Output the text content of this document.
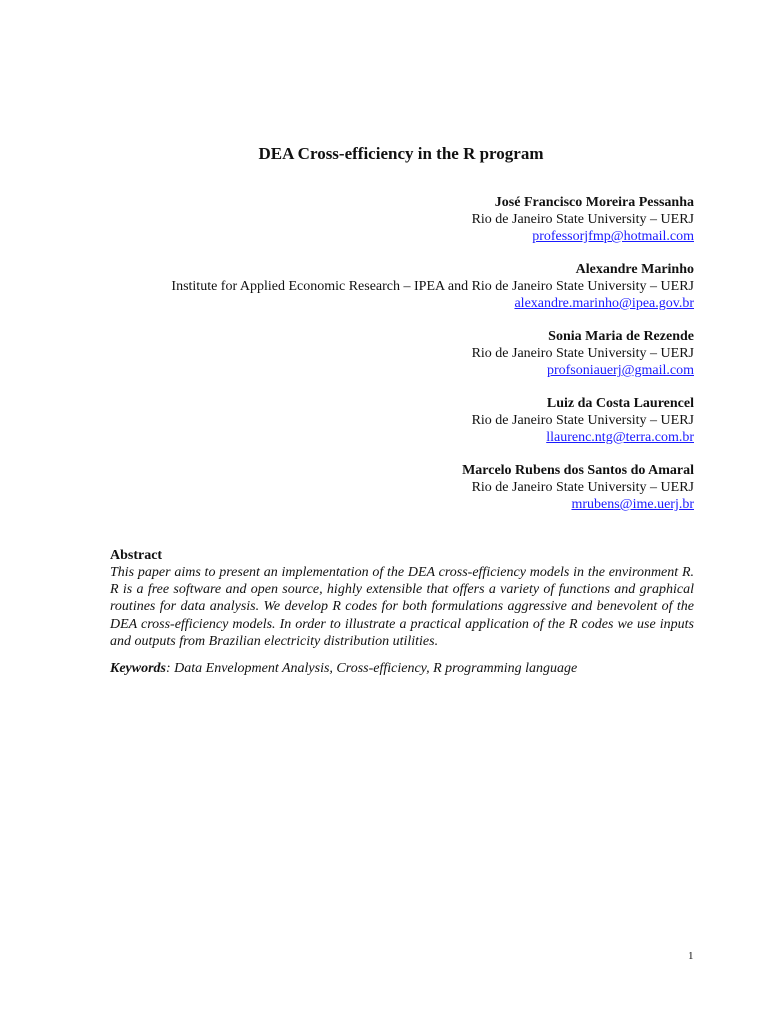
DEA Cross-efficiency in the R program
José Francisco Moreira Pessanha
Rio de Janeiro State University – UERJ
professorjfmp@hotmail.com
Alexandre Marinho
Institute for Applied Economic Research – IPEA and Rio de Janeiro State University – UERJ
alexandre.marinho@ipea.gov.br
Sonia Maria de Rezende
Rio de Janeiro State University – UERJ
profsoniauerj@gmail.com
Luiz da Costa Laurencel
Rio de Janeiro State University – UERJ
llaurenc.ntg@terra.com.br
Marcelo Rubens dos Santos do Amaral
Rio de Janeiro State University – UERJ
mrubens@ime.uerj.br
Abstract

This paper aims to present an implementation of the DEA cross-efficiency models in the environment R. R is a free software and open source, highly extensible that offers a variety of functions and graphical routines for data analysis. We develop R codes for both formulations aggressive and benevolent of the DEA cross-efficiency models. In order to illustrate a practical application of the R codes we use inputs and outputs from Brazilian electricity distribution utilities.

Keywords: Data Envelopment Analysis, Cross-efficiency, R programming language

1
